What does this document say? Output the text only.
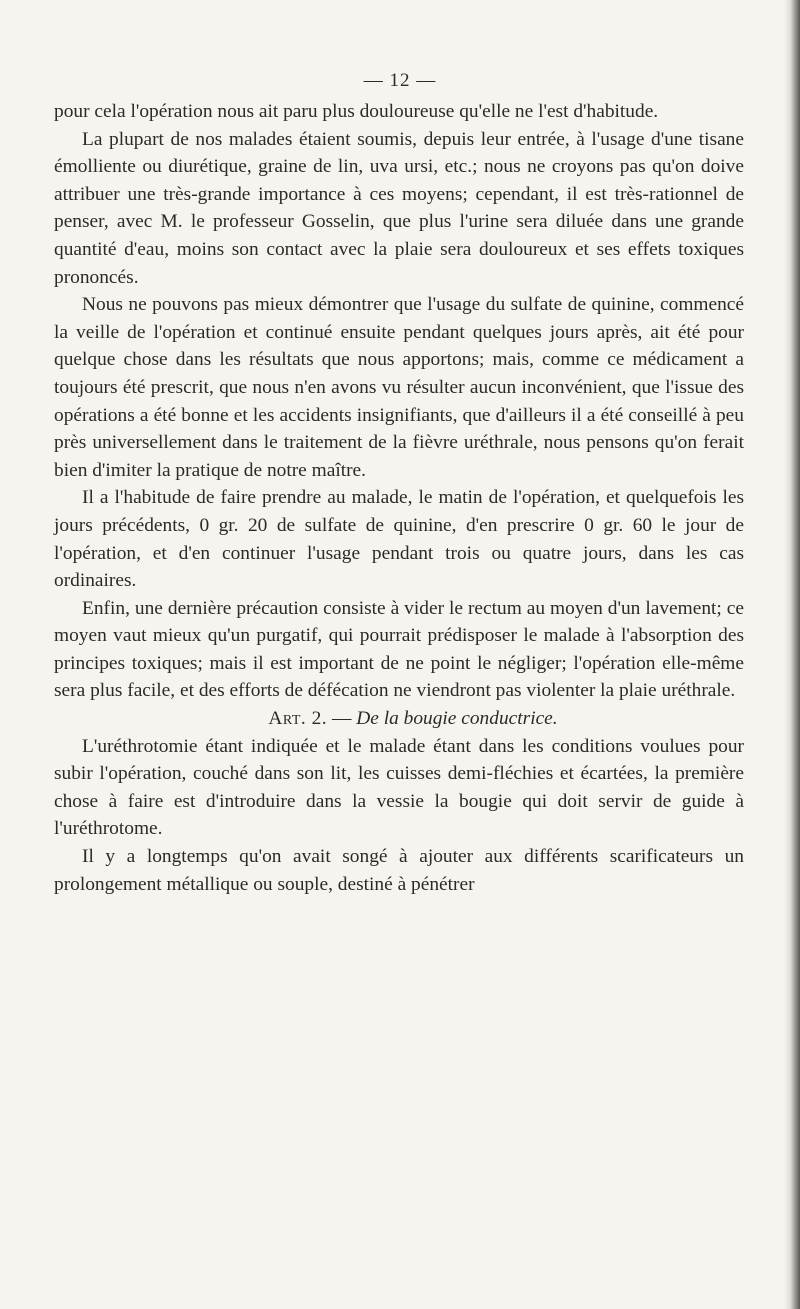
— 12 —

pour cela l'opération nous ait paru plus douloureuse qu'elle ne l'est d'habitude.

La plupart de nos malades étaient soumis, depuis leur entrée, à l'usage d'une tisane émolliente ou diurétique, graine de lin, uva ursi, etc.; nous ne croyons pas qu'on doive attribuer une très-grande importance à ces moyens; cependant, il est très-rationnel de penser, avec M. le professeur Gosselin, que plus l'urine sera diluée dans une grande quantité d'eau, moins son contact avec la plaie sera douloureux et ses effets toxiques prononcés.

Nous ne pouvons pas mieux démontrer que l'usage du sulfate de quinine, commencé la veille de l'opération et continué ensuite pendant quelques jours après, ait été pour quelque chose dans les résultats que nous apportons; mais, comme ce médicament a toujours été prescrit, que nous n'en avons vu résulter aucun inconvénient, que l'issue des opérations a été bonne et les accidents insignifiants, que d'ailleurs il a été conseillé à peu près universellement dans le traitement de la fièvre uréthrale, nous pensons qu'on ferait bien d'imiter la pratique de notre maître.

Il a l'habitude de faire prendre au malade, le matin de l'opération, et quelquefois les jours précédents, 0 gr. 20 de sulfate de quinine, d'en prescrire 0 gr. 60 le jour de l'opération, et d'en continuer l'usage pendant trois ou quatre jours, dans les cas ordinaires.

Enfin, une dernière précaution consiste à vider le rectum au moyen d'un lavement; ce moyen vaut mieux qu'un purgatif, qui pourrait prédisposer le malade à l'absorption des principes toxiques; mais il est important de ne point le négliger; l'opération elle-même sera plus facile, et des efforts de défécation ne viendront pas violenter la plaie uréthrale.

Art. 2. — De la bougie conductrice.

L'uréthrotomie étant indiquée et le malade étant dans les conditions voulues pour subir l'opération, couché dans son lit, les cuisses demi-fléchies et écartées, la première chose à faire est d'introduire dans la vessie la bougie qui doit servir de guide à l'uréthrotome.

Il y a longtemps qu'on avait songé à ajouter aux différents scarificateurs un prolongement métallique ou souple, destiné à pénétrer
